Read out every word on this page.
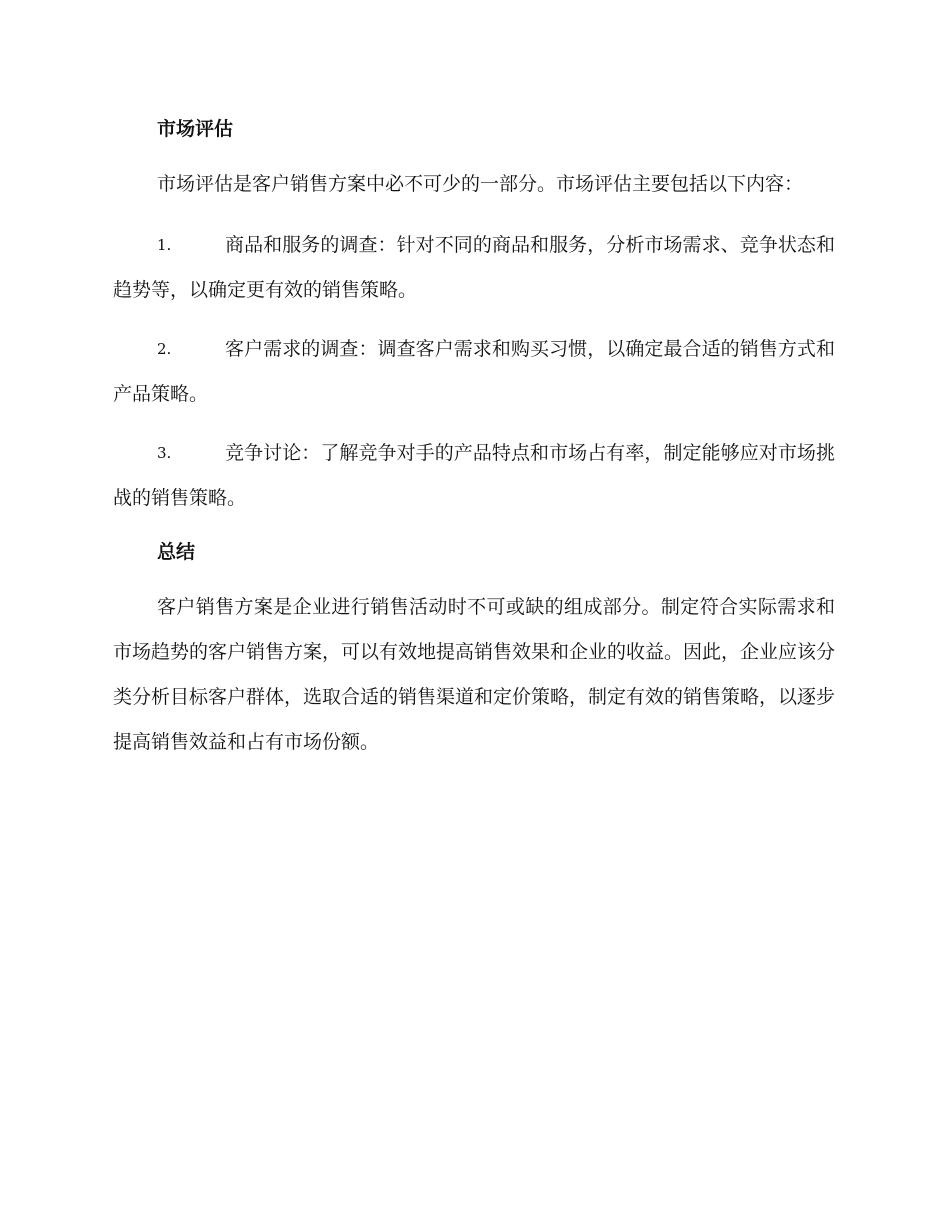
市场评估

市场评估是客户销售方案中必不可少的一部分。市场评估主要包括以下内容：

1.	商品和服务的调查：针对不同的商品和服务，分析市场需求、竞争状态和趋势等，以确定更有效的销售策略。

2.	客户需求的调查：调查客户需求和购买习惯，以确定最合适的销售方式和产品策略。

3.	竞争讨论：了解竞争对手的产品特点和市场占有率，制定能够应对市场挑战的销售策略。

总结

客户销售方案是企业进行销售活动时不可或缺的组成部分。制定符合实际需求和市场趋势的客户销售方案，可以有效地提高销售效果和企业的收益。因此，企业应该分类分析目标客户群体，选取合适的销售渠道和定价策略，制定有效的销售策略，以逐步提高销售效益和占有市场份额。
